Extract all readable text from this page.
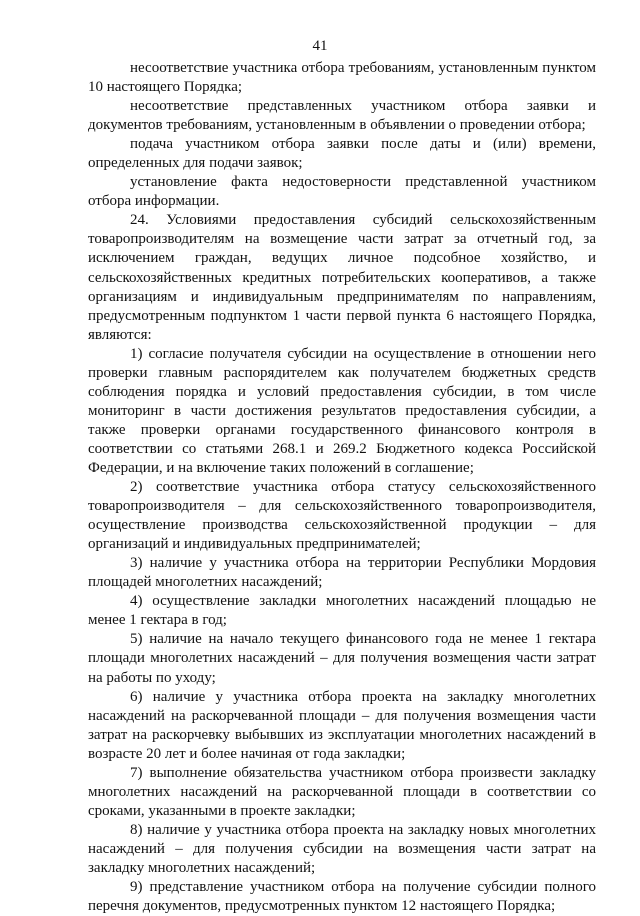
41

несоответствие участника отбора требованиям, установленным пунктом 10 настоящего Порядка;

несоответствие представленных участником отбора заявки и документов требованиям, установленным в объявлении о проведении отбора;

подача участником отбора заявки после даты и (или) времени, определенных для подачи заявок;

установление факта недостоверности представленной участником отбора информации.

24. Условиями предоставления субсидий сельскохозяйственным товаропроизводителям на возмещение части затрат за отчетный год, за исключением граждан, ведущих личное подсобное хозяйство, и сельскохозяйственных кредитных потребительских кооперативов, а также организациям и индивидуальным предпринимателям по направлениям, предусмотренным подпунктом 1 части первой пункта 6 настоящего Порядка, являются:

1) согласие получателя субсидии на осуществление в отношении него проверки главным распорядителем как получателем бюджетных средств соблюдения порядка и условий предоставления субсидии, в том числе мониторинг в части достижения результатов предоставления субсидии, а также проверки органами государственного финансового контроля в соответствии со статьями 268.1 и 269.2 Бюджетного кодекса Российской Федерации, и на включение таких положений в соглашение;

2) соответствие участника отбора статусу сельскохозяйственного товаропроизводителя – для сельскохозяйственного товаропроизводителя, осуществление производства сельскохозяйственной продукции – для организаций и индивидуальных предпринимателей;

3) наличие у участника отбора на территории Республики Мордовия площадей многолетних насаждений;

4) осуществление закладки многолетних насаждений площадью не менее 1 гектара в год;

5) наличие на начало текущего финансового года не менее 1 гектара площади многолетних насаждений – для получения возмещения части затрат на работы по уходу;

6) наличие у участника отбора проекта на закладку многолетних насаждений на раскорчеванной площади – для получения возмещения части затрат на раскорчевку выбывших из эксплуатации многолетних насаждений в возрасте 20 лет и более начиная от года закладки;

7) выполнение обязательства участником отбора произвести закладку многолетних насаждений на раскорчеванной площади в соответствии со сроками, указанными в проекте закладки;

8) наличие у участника отбора проекта на закладку новых многолетних насаждений – для получения субсидии на возмещения части затрат на закладку многолетних насаждений;

9) представление участником отбора на получение субсидии полного перечня документов, предусмотренных пунктом 12 настоящего Порядка;
